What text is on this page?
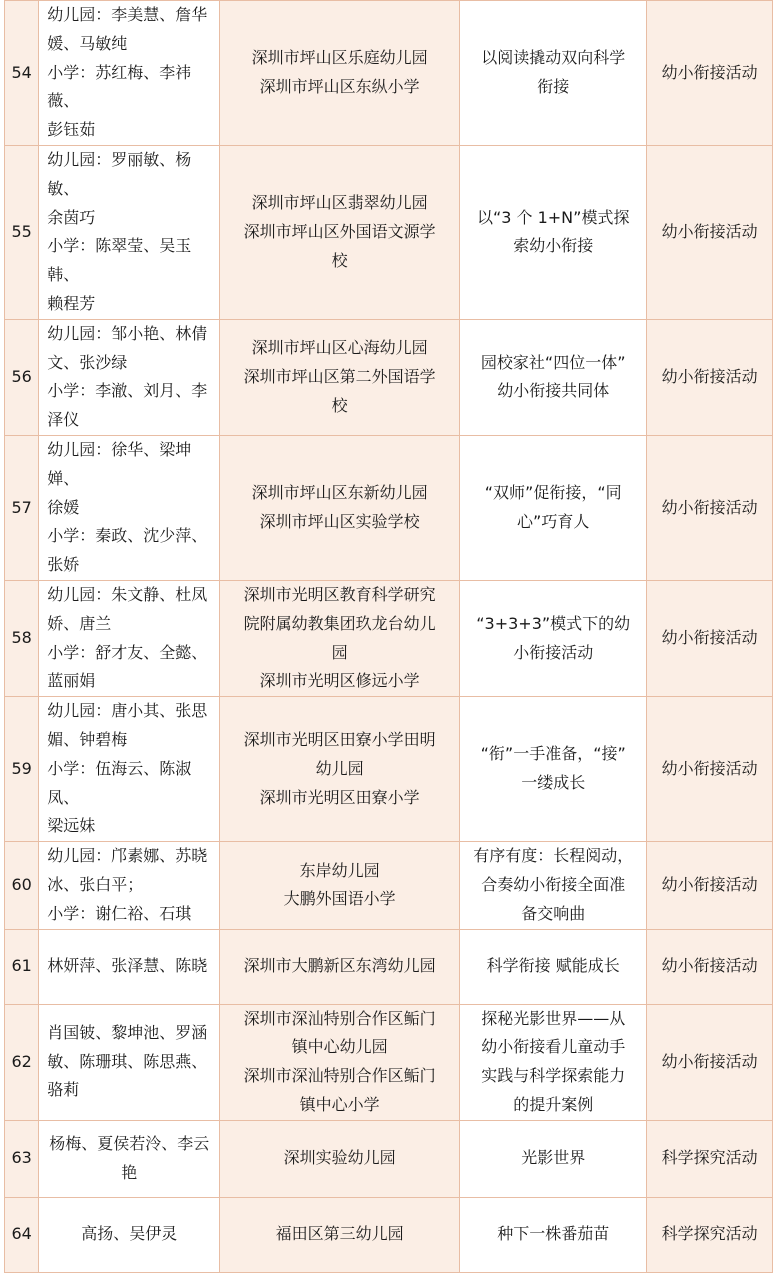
54	幼儿园：李美慧、詹华
媛、马敏纯
小学：苏红梅、李祎薇、
彭钰茹	深圳市坪山区乐庭幼儿园
深圳市坪山区东纵小学	以阅读撬动双向科学
衔接	幼小衔接活动
55	幼儿园：罗丽敏、杨敏、
余茵巧
小学：陈翠莹、吴玉韩、
赖程芳	深圳市坪山区翡翠幼儿园
深圳市坪山区外国语文源学
校	以“3 个 1+N”模式探
索幼小衔接	幼小衔接活动
56	幼儿园：邹小艳、林倩
文、张沙绿
小学：李澈、刘月、李
泽仪	深圳市坪山区心海幼儿园
深圳市坪山区第二外国语学
校	园校家社“四位一体”
幼小衔接共同体	幼小衔接活动
57	幼儿园：徐华、梁坤婵、
徐媛
小学：秦政、沈少萍、
张娇	深圳市坪山区东新幼儿园
深圳市坪山区实验学校	“双师”促衔接，“同
心”巧育人	幼小衔接活动
58	幼儿园：朱文静、杜凤
娇、唐兰
小学：舒才友、全懿、
蓝丽娟	深圳市光明区教育科学研究
院附属幼教集团玖龙台幼儿
园
深圳市光明区修远小学	“3+3+3”模式下的幼
小衔接活动	幼小衔接活动
59	幼儿园：唐小其、张思
媚、钟碧梅
小学：伍海云、陈淑凤、
梁远妹	深圳市光明区田寮小学田明
幼儿园
深圳市光明区田寮小学	“衔”一手准备，“接”
一缕成长	幼小衔接活动
60	幼儿园：邝素娜、苏晓
冰、张白平；
小学：谢仁裕、石琪	东岸幼儿园
大鹏外国语小学	有序有度：长程阅动，
合奏幼小衔接全面准
备交响曲	幼小衔接活动
61	林妍萍、张泽慧、陈晓	深圳市大鹏新区东湾幼儿园	科学衔接 赋能成长	幼小衔接活动
62	肖国铍、黎坤池、罗涵
敏、陈珊琪、陈思燕、
骆莉	深圳市深汕特别合作区鲘门
镇中心幼儿园
深圳市深汕特别合作区鲘门
镇中心小学	探秘光影世界——从
幼小衔接看儿童动手
实践与科学探索能力
的提升案例	幼小衔接活动
63	杨梅、夏侯若泠、李云
艳	深圳实验幼儿园	光影世界	科学探究活动
64	高扬、吴伊灵	福田区第三幼儿园	种下一株番茄苗	科学探究活动
